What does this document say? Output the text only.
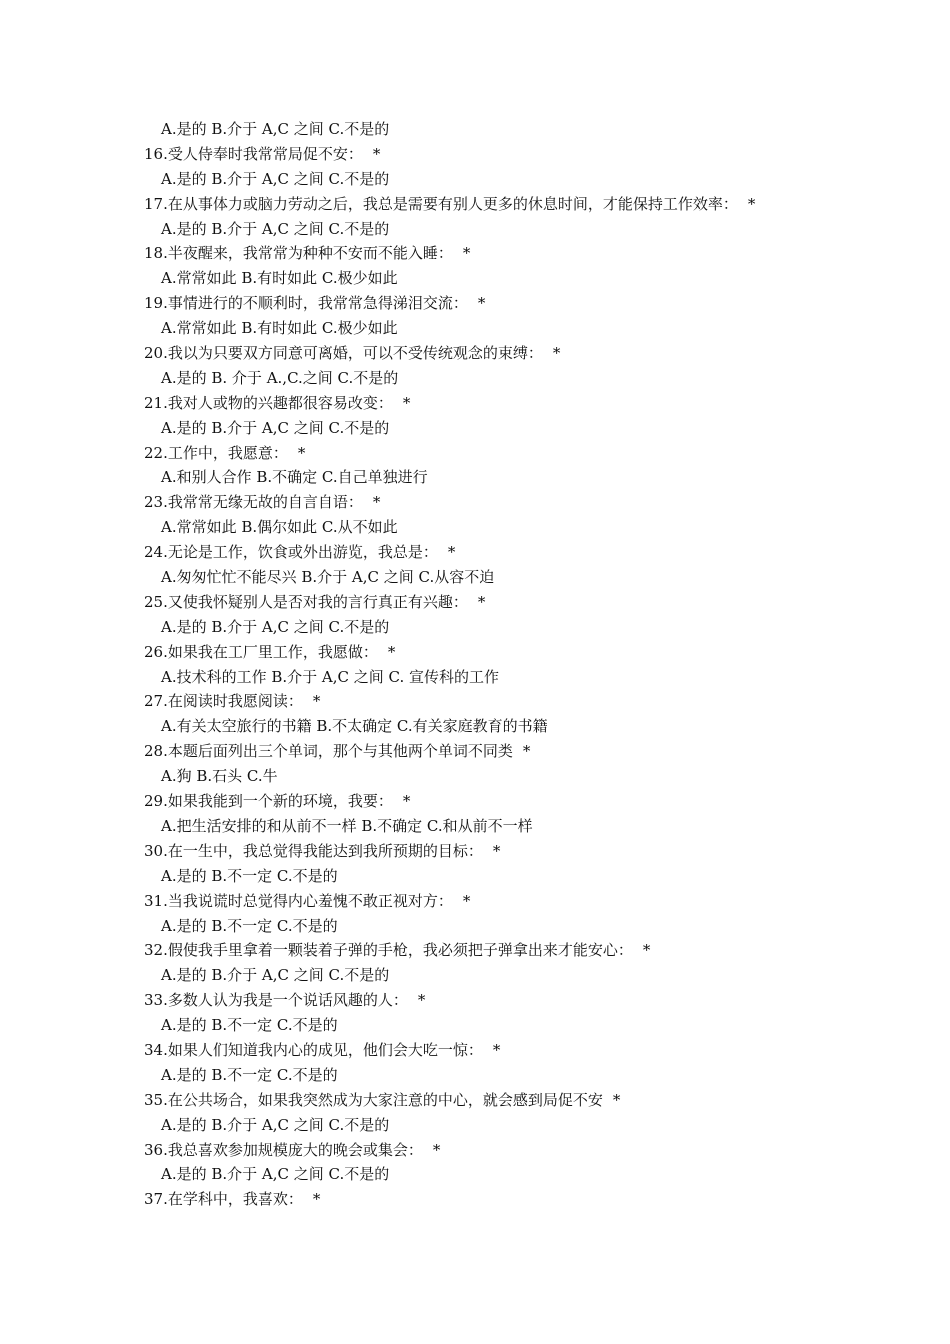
A.是的 B.介于 A,C 之间 C.不是的
16.受人侍奉时我常常局促不安： *
A.是的 B.介于 A,C 之间 C.不是的
17.在从事体力或脑力劳动之后，我总是需要有别人更多的休息时间，才能保持工作效率： *
A.是的 B.介于 A,C 之间 C.不是的
18.半夜醒来，我常常为种种不安而不能入睡： *
A.常常如此 B.有时如此 C.极少如此
19.事情进行的不顺利时，我常常急得涕泪交流： *
A.常常如此 B.有时如此 C.极少如此
20.我以为只要双方同意可离婚，可以不受传统观念的束缚： *
A.是的 B. 介于 A.,C.之间 C.不是的
21.我对人或物的兴趣都很容易改变： *
A.是的 B.介于 A,C 之间 C.不是的
22.工作中，我愿意： *
A.和别人合作 B.不确定 C.自己单独进行
23.我常常无缘无故的自言自语： *
A.常常如此 B.偶尔如此 C.从不如此
24.无论是工作，饮食或外出游览，我总是： *
A.匆匆忙忙不能尽兴 B.介于 A,C 之间 C.从容不迫
25.又使我怀疑别人是否对我的言行真正有兴趣： *
A.是的 B.介于 A,C 之间 C.不是的
26.如果我在工厂里工作，我愿做： *
A.技术科的工作 B.介于 A,C 之间 C. 宣传科的工作
27.在阅读时我愿阅读： *
A.有关太空旅行的书籍 B.不太确定 C.有关家庭教育的书籍
28.本题后面列出三个单词，那个与其他两个单词不同类 *
A.狗 B.石头 C.牛
29.如果我能到一个新的环境，我要： *
A.把生活安排的和从前不一样 B.不确定 C.和从前不一样
30.在一生中，我总觉得我能达到我所预期的目标： *
A.是的 B.不一定 C.不是的
31.当我说谎时总觉得内心羞愧不敢正视对方： *
A.是的 B.不一定 C.不是的
32.假使我手里拿着一颗装着子弹的手枪，我必须把子弹拿出来才能安心： *
A.是的 B.介于 A,C 之间 C.不是的
33.多数人认为我是一个说话风趣的人： *
A.是的 B.不一定 C.不是的
34.如果人们知道我内心的成见，他们会大吃一惊： *
A.是的 B.不一定 C.不是的
35.在公共场合，如果我突然成为大家注意的中心，就会感到局促不安 *
A.是的 B.介于 A,C 之间 C.不是的
36.我总喜欢参加规模庞大的晚会或集会： *
A.是的 B.介于 A,C 之间 C.不是的
37.在学科中，我喜欢： *
